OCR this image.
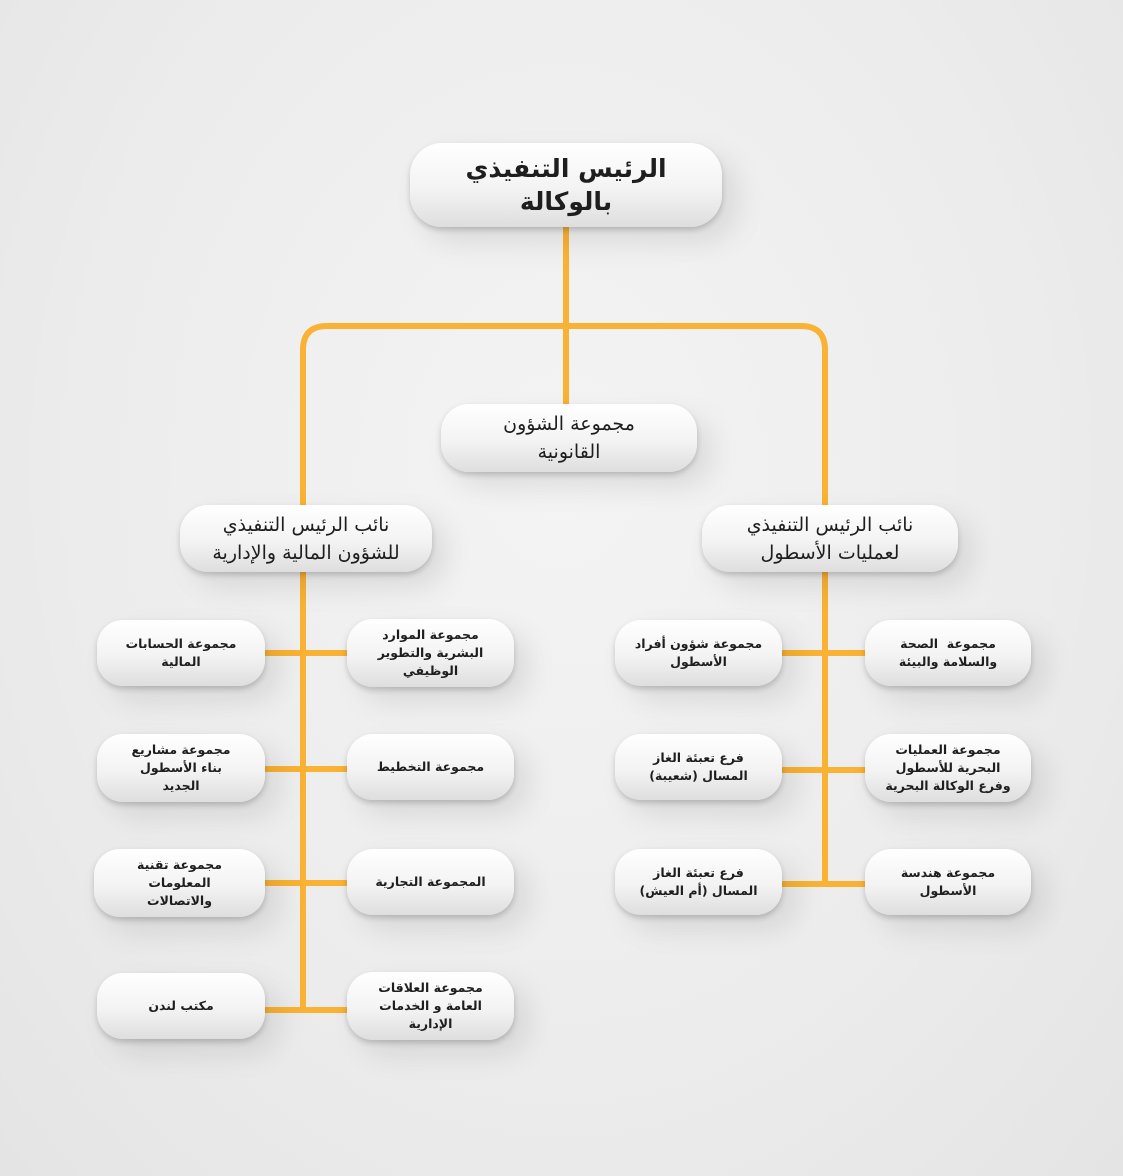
الرئيس التنفيذي
بالوكالة
مجموعة الشؤون
القانونية
نائب الرئيس التنفيذي
للشؤون المالية والإدارية
نائب الرئيس التنفيذي
لعمليات الأسطول
مجموعة الموارد
البشرية والتطوير
الوظيفي
مجموعة التخطيط
المجموعة التجارية
مجموعة العلاقات
العامة و الخدمات
الإدارية
مجموعة الحسابات
المالية
مجموعة مشاريع
بناء الأسطول
الجديد
مجموعة تقنية
المعلومات
والاتصالات
مكتب لندن
مجموعة شؤون أفراد
الأسطول
فرع تعبئة الغاز
المسال (شعيبة)
فرع تعبئة الغاز
المسال (أم العيش)
مجموعة  الصحة
والسلامة والبيئة
مجموعة العمليات
البحرية للأسطول
وفرع الوكالة البحرية
مجموعة هندسة
الأسطول
